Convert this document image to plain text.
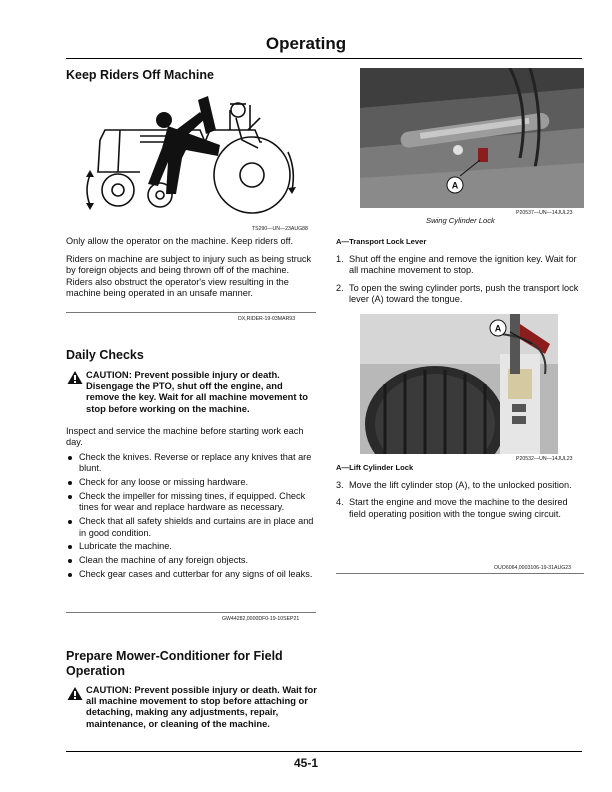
Operating
Keep Riders Off Machine
TS290—UN—23AUG88
Only allow the operator on the machine. Keep riders off.
Riders on machine are subject to injury such as being struck by foreign objects and being thrown off of the machine. Riders also obstruct the operator's view resulting in the machine being operated in an unsafe manner.
DX,RIDER-19-03MAR93
Daily Checks
CAUTION: Prevent possible injury or death. Disengage the PTO, shut off the engine, and remove the key. Wait for all machine movement to stop before working on the machine.
Inspect and service the machine before starting work each day.
Check the knives. Reverse or replace any knives that are blunt.
Check for any loose or missing hardware.
Check the impeller for missing tines, if equipped. Check tines for wear and replace hardware as necessary.
Check that all safety shields and curtains are in place and in good condition.
Lubricate the machine.
Clean the machine of any foreign objects.
Check gear cases and cutterbar for any signs of oil leaks.
GW44282,0000DF0-19-10SEP21
Prepare Mower-Conditioner for Field Operation
CAUTION: Prevent possible injury or death. Wait for all machine movement to stop before attaching or detaching, making any adjustments, repair, maintenance, or cleaning of the machine.
A
P20537—UN—14JUL23
Swing Cylinder Lock
A—Transport Lock Lever
1. Shut off the engine and remove the ignition key. Wait for all machine movement to stop.
2. To open the swing cylinder ports, push the transport lock lever (A) toward the tongue.
A
P20532—UN—14JUL23
A—Lift Cylinder Lock
3. Move the lift cylinder stop (A), to the unlocked position.
4. Start the engine and move the machine to the desired field operating position with the tongue swing circuit.
OUO6064,0003106-19-31AUG23
45-1
